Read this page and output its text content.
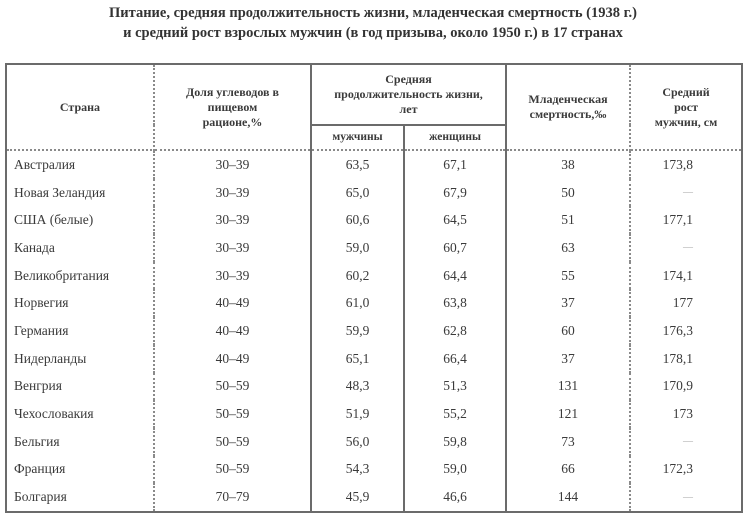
Питание, средняя продолжительность жизни, младенческая смертность (1938 г.)
и средний рост взрослых мужчин (в год призыва, около 1950 г.) в 17 странах
Страна	Доля углеводов в пищевом рационе,%	Средняя продолжительность жизни, лет		Младенческая смертность,‰	Средний рост мужчин, см
		мужчины	женщины		
Австралия	30–39	63,5	67,1	38	173,8
Новая Зеландия	30–39	65,0	67,9	50	—
США (белые)	30–39	60,6	64,5	51	177,1
Канада	30–39	59,0	60,7	63	—
Великобритания	30–39	60,2	64,4	55	174,1
Норвегия	40–49	61,0	63,8	37	177
Германия	40–49	59,9	62,8	60	176,3
Нидерланды	40–49	65,1	66,4	37	178,1
Венгрия	50–59	48,3	51,3	131	170,9
Чехословакия	50–59	51,9	55,2	121	173
Бельгия	50–59	56,0	59,8	73	—
Франция	50–59	54,3	59,0	66	172,3
Болгария	70–79	45,9	46,6	144	—
